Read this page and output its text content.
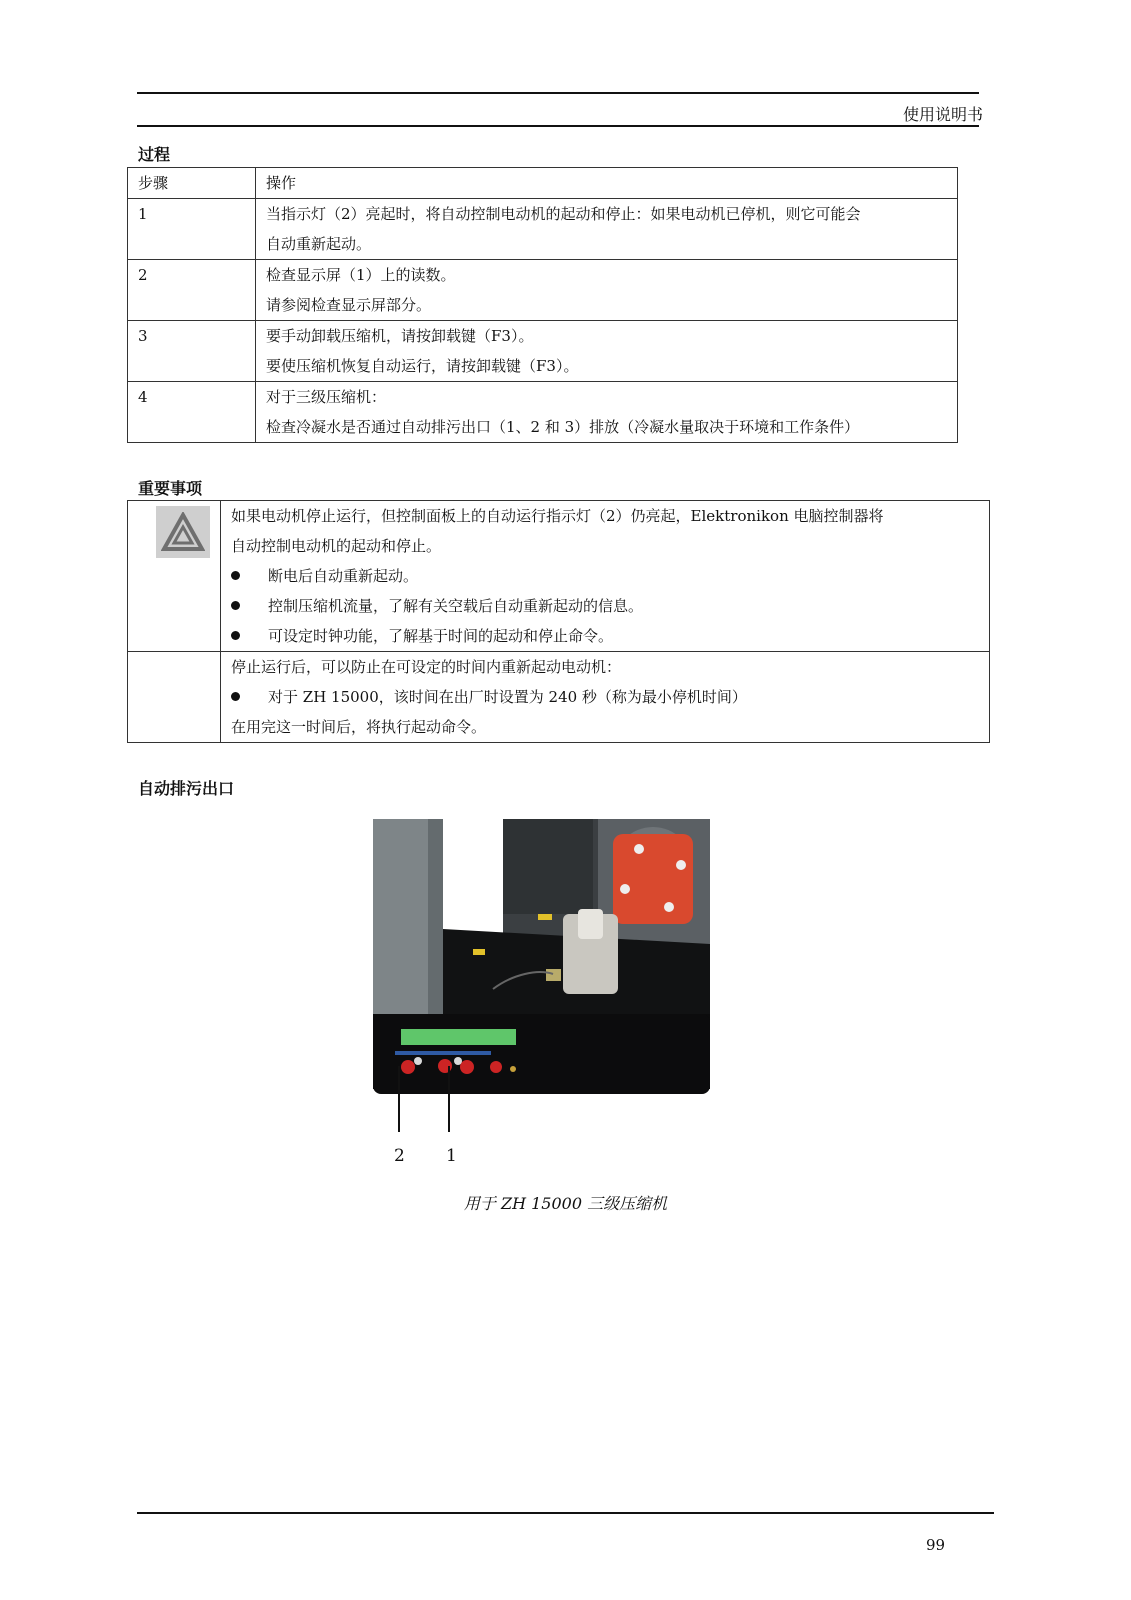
使用说明书
过程
步骤	操作
1	当指示灯（2）亮起时，将自动控制电动机的起动和停止：如果电动机已停机，则它可能会
自动重新起动。

2	检查显示屏（1）上的读数。
请参阅检查显示屏部分。

3	要手动卸载压缩机，请按卸载键（F3）。
要使压缩机恢复自动运行，请按卸载键（F3）。

4	对于三级压缩机：
检查冷凝水是否通过自动排污出口（1、2 和 3）排放（冷凝水量取决于环境和工作条件）
重要事项

如果电动机停止运行，但控制面板上的自动运行指示灯（2）仍亮起，Elektronikon 电脑控制器将
自动控制电动机的起动和停止。
断电后自动重新起动。
控制压缩机流量，了解有关空载后自动重新起动的信息。
可设定时钟功能，了解基于时间的起动和停止命令。

	停止运行后，可以防止在可设定的时间内重新起动电动机：
对于 ZH 15000，该时间在出厂时设置为 240 秒（称为最小停机时间）
在用完这一时间后，将执行起动命令。
自动排污出口
2 1
用于 ZH 15000 三级压缩机
99
